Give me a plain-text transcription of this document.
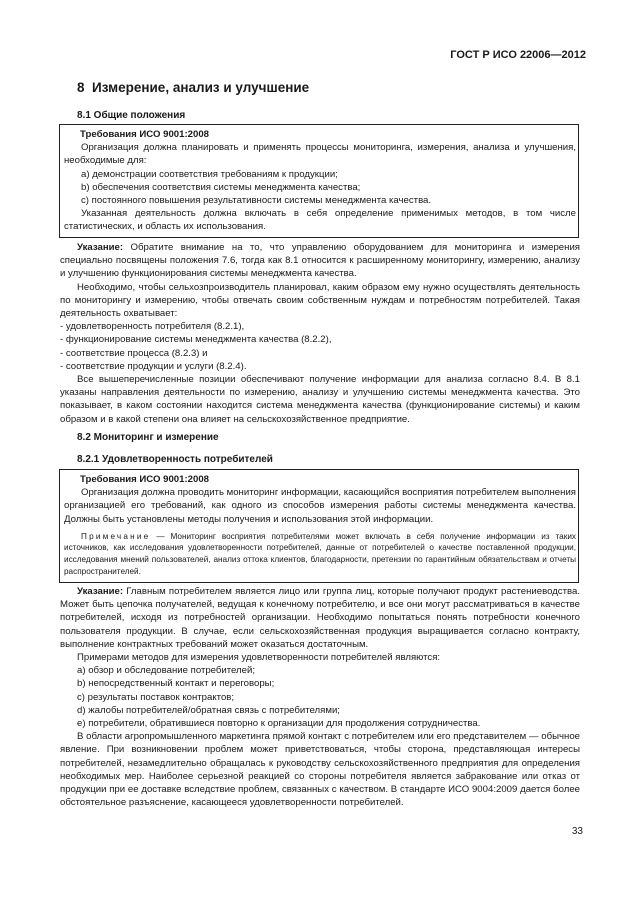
ГОСТ Р ИСО 22006—2012
8 Измерение, анализ и улучшение
8.1 Общие положения
Требования ИСО 9001:2008
Организация должна планировать и применять процессы мониторинга, измерения, анализа и улучшения, необходимые для:
a) демонстрации соответствия требованиям к продукции;
b) обеспечения соответствия системы менеджмента качества;
c) постоянного повышения результативности системы менеджмента качества.
Указанная деятельность должна включать в себя определение применимых методов, в том числе статистических, и область их использования.
Указание: Обратите внимание на то, что управлению оборудованием для мониторинга и измерения специально посвящены положения 7.6, тогда как 8.1 относится к расширенному мониторингу, измерению, анализу и улучшению функционирования системы менеджмента качества.
Необходимо, чтобы сельхозпроизводитель планировал, каким образом ему нужно осуществлять деятельность по мониторингу и измерению, чтобы отвечать своим собственным нуждам и потребностям потребителей. Такая деятельность охватывает:
- удовлетворенность потребителя (8.2.1),
- функционирование системы менеджмента качества (8.2.2),
- соответствие процесса (8.2.3) и
- соответствие продукции и услуги (8.2.4).
Все вышеперечисленные позиции обеспечивают получение информации для анализа согласно 8.4. В 8.1 указаны направления деятельности по измерению, анализу и улучшению системы менеджмента качества. Это показывает, в каком состоянии находится система менеджмента качества (функционирование системы) и каким образом и в какой степени она влияет на сельскохозяйственное предприятие.
8.2 Мониторинг и измерение
8.2.1 Удовлетворенность потребителей
Требования ИСО 9001:2008
Организация должна проводить мониторинг информации, касающийся восприятия потребителем выполнения организацией его требований, как одного из способов измерения работы системы менеджмента качества. Должны быть установлены методы получения и использования этой информации.
Примечание — Мониторинг восприятия потребителями может включать в себя получение информации из таких источников, как исследования удовлетворенности потребителей, данные от потребителей о качестве поставленной продукции, исследования мнений пользователей, анализ оттока клиентов, благодарности, претензии по гарантийным обязательствам и отчеты распространителей.
Указание: Главным потребителем является лицо или группа лиц, которые получают продукт растениеводства. Может быть цепочка получателей, ведущая к конечному потребителю, и все они могут рассматриваться в качестве потребителей, исходя из потребностей организации. Необходимо попытаться понять потребности конечного пользователя продукции. В случае, если сельскохозяйственная продукция выращивается согласно контракту, выполнение контрактных требований может оказаться достаточным.
Примерами методов для измерения удовлетворенности потребителей являются:
a) обзор и обследование потребителей;
b) непосредственный контакт и переговоры;
c) результаты поставок контрактов;
d) жалобы потребителей/обратная связь с потребителями;
e) потребители, обратившиеся повторно к организации для продолжения сотрудничества.
В области агропромышленного маркетинга прямой контакт с потребителем или его представителем — обычное явление. При возникновении проблем может приветствоваться, чтобы сторона, представляющая интересы потребителей, незамедлительно обращалась к руководству сельскохозяйственного предприятия для определения необходимых мер. Наиболее серьезной реакцией со стороны потребителя является забракование или отказ от продукции при ее доставке вследствие проблем, связанных с качеством. В стандарте ИСО 9004:2009 дается более обстоятельное разъяснение, касающееся удовлетворенности потребителей.
33
